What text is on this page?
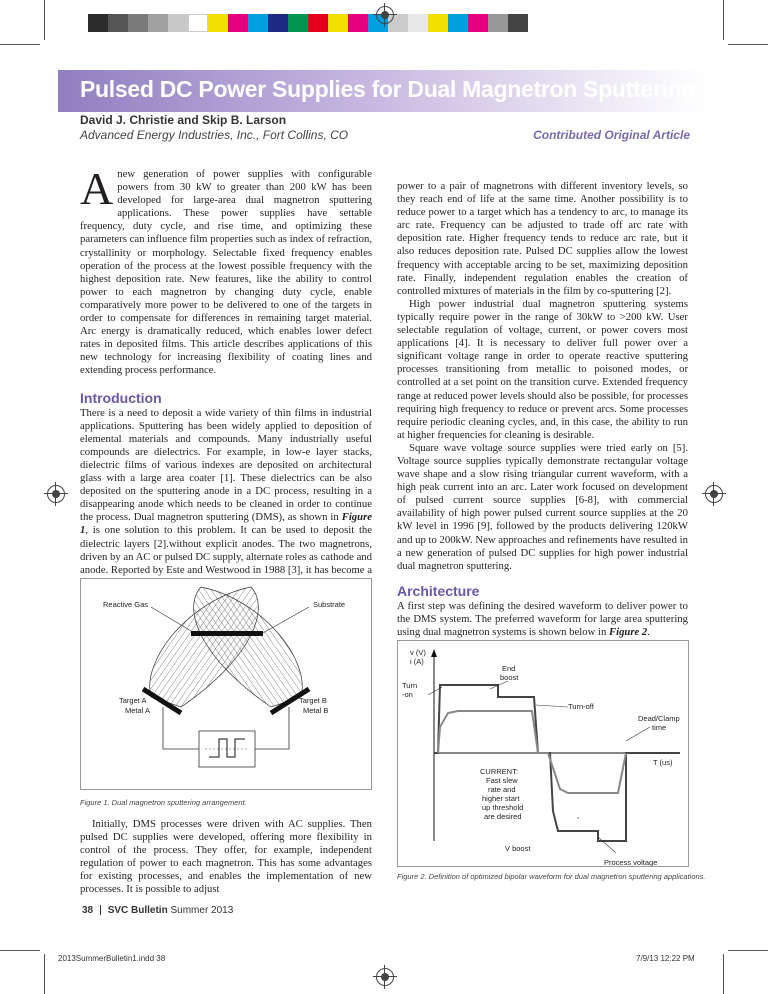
Pulsed DC Power Supplies for Dual Magnetron Sputtering
David J. Christie and Skip B. Larson
Advanced Energy Industries, Inc., Fort Collins, CO	Contributed Original Article

Anew generation of power supplies with configurable powers from 30 kW to greater than 200 kW has been developed for large-area dual magnetron sputtering applications. These power supplies have settable frequency, duty cycle, and rise time, and optimizing these parameters can influence film properties such as index of refraction, crystallinity or morphology. Selectable fixed frequency enables operation of the process at the lowest possible frequency with the highest deposition rate. New features, like the ability to control power to each magnetron by changing duty cycle, enable comparatively more power to be delivered to one of the targets in order to compensate for differences in remaining target material. Arc energy is dramatically reduced, which enables lower defect rates in deposited films. This article describes applications of this new technology for increasing flexibility of coating lines and extending process performance.

Introduction

There is a need to deposit a wide variety of thin films in industrial applications. Sputtering has been widely applied to deposition of elemental materials and compounds. Many industrially useful compounds are dielectrics. For example, in low-e layer stacks, dielectric films of various indexes are deposited on architectural glass with a large area coater [1]. These dielectrics can be also deposited on the sputtering anode in a DC process, resulting in a disappearing anode which needs to be cleaned in order to continue the process. Dual magnetron sputtering (DMS), as shown in Figure 1, is one solution to this problem. It can be used to deposit the dielectric layers [2].without explicit anodes. The two magnetrons, driven by an AC or pulsed DC supply, alternate roles as cathode and anode. Reported by Este and Westwood in 1988 [3], it has become a

Reactive Gas	Substrate
Target A
Metal A
Target B
Metal B
Figure 1. Dual magnetron sputtering arrangement.

Initially, DMS processes were driven with AC supplies. Then pulsed DC supplies were developed, offering more flexibility in control of the process. They offer, for example, independent regulation of power to each magnetron. This has some advantages for existing processes, and enables the implementation of new processes. It is possible to adjust

power to a pair of magnetrons with different inventory levels, so they reach end of life at the same time. Another possibility is to reduce power to a target which has a tendency to arc, to manage its arc rate. Frequency can be adjusted to trade off arc rate with deposition rate. Higher frequency tends to reduce arc rate, but it also reduces deposition rate. Pulsed DC supplies allow the lowest frequency with acceptable arcing to be set, maximizing deposition rate. Finally, independent regulation enables the creation of controlled mixtures of materials in the film by co-sputtering [2].

High power industrial dual magnetron sputtering systems typically require power in the range of 30kW to >200 kW. User selectable regulation of voltage, current, or power covers most applications [4]. It is necessary to deliver full power over a significant voltage range in order to operate reactive sputtering processes transitioning from metallic to poisoned modes, or controlled at a set point on the transition curve. Extended frequency range at reduced power levels should also be possible, for processes requiring high frequency to reduce or prevent arcs. Some processes require periodic cleaning cycles, and, in this case, the ability to run at higher frequencies for cleaning is desirable.

Square wave voltage source supplies were tried early on [5]. Voltage source supplies typically demonstrate rectangular voltage wave shape and a slow rising triangular current waveform, with a high peak current into an arc. Later work focused on development of pulsed current source supplies [6-8], with commercial availability of high power pulsed current source supplies at the 20 kW level in 1996 [9], followed by the products delivering 120kW and up to 200kW. New approaches and refinements have resulted in a new generation of pulsed DC supplies for high power industrial dual magnetron sputtering.

Architecture

A first step was defining the desired waveform to deliver power to the DMS system. The preferred waveform for large area sputtering using dual magnetron systems is shown below in Figure 2.

v (V)
i (A)
End
boost
Turn
-on
Turn-off
Dead/Clamp
time
T (us)
CURRENT:
Fast slew
rate and
higher start
up threshold
are desired
Process voltage
V boost
Figure 2. Definition of optimized bipolar waveform for dual magnetron sputtering applications.
38 SVC Bulletin Summer 2013
2013SummerBulletin1.indd 38	7/9/13 12:22 PM
